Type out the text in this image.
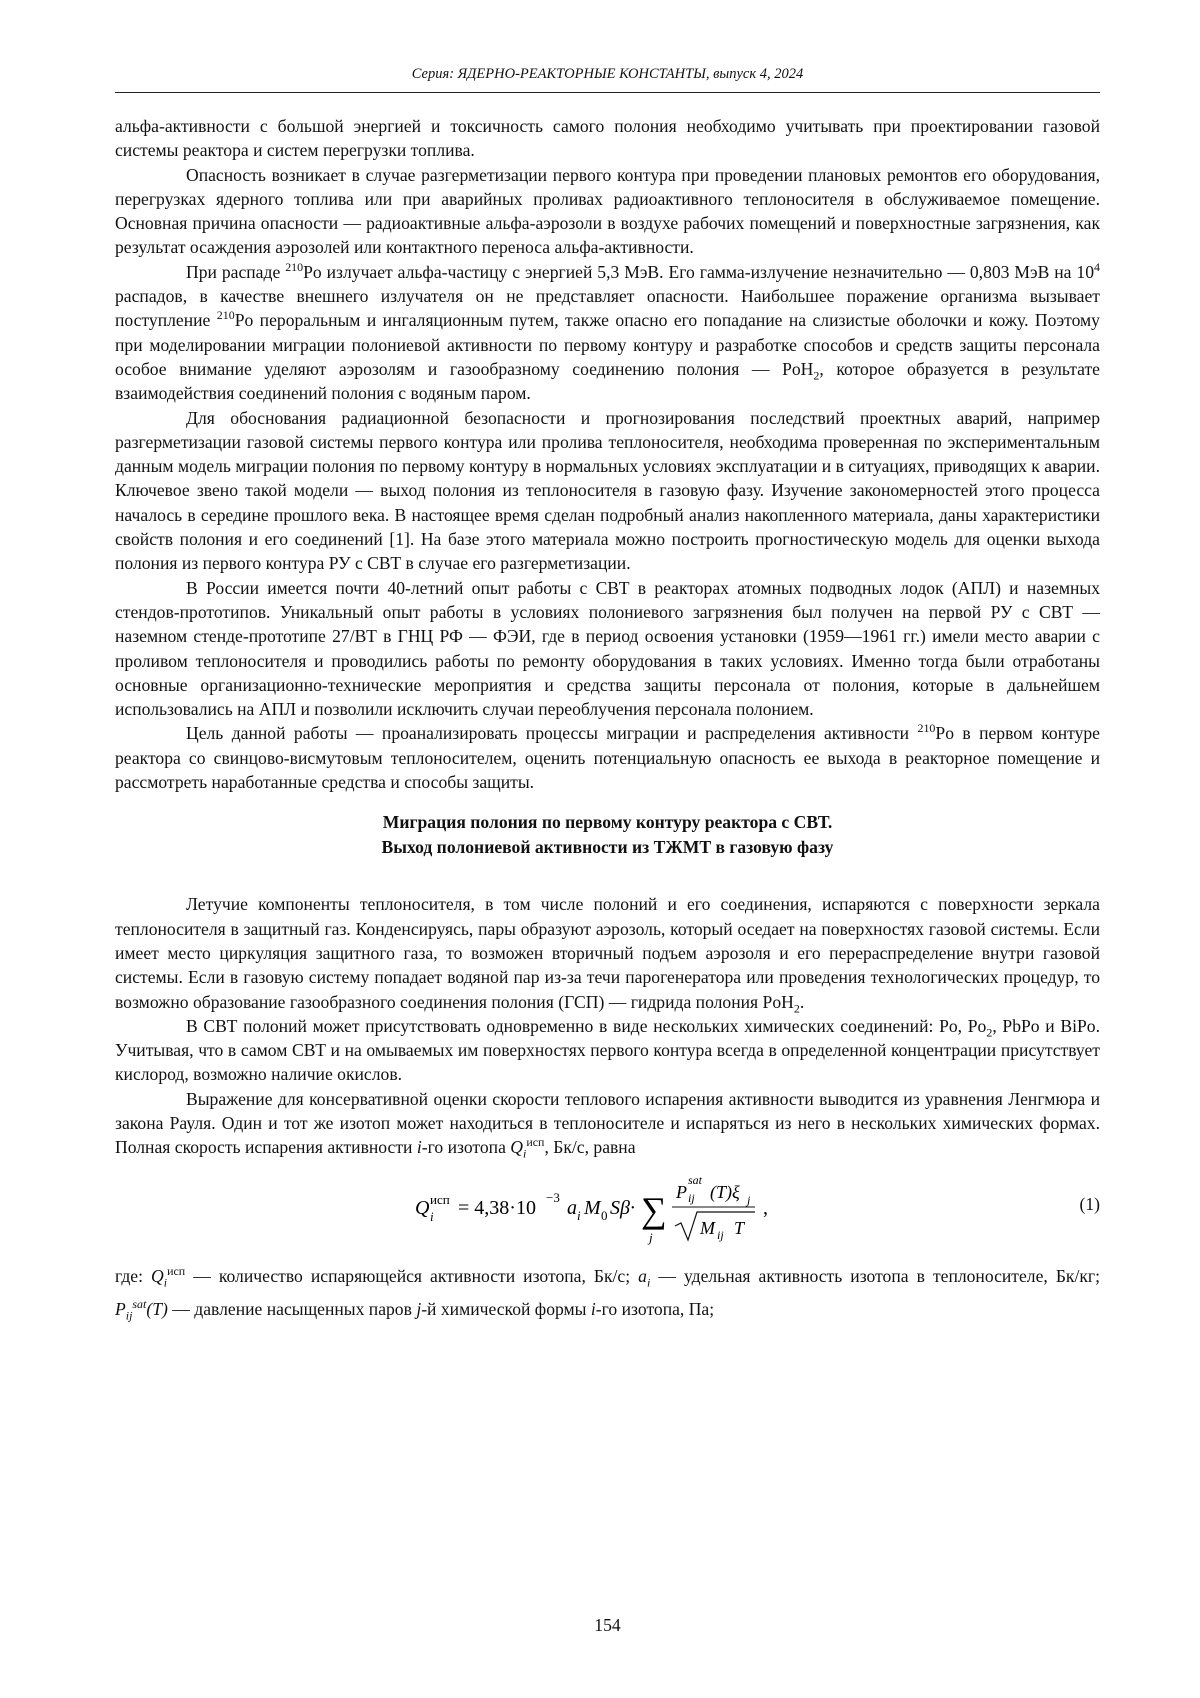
Серия: ЯДЕРНО-РЕАКТОРНЫЕ КОНСТАНТЫ, выпуск 4, 2024

альфа-активности с большой энергией и токсичность самого полония необходимо учитывать при проектировании газовой системы реактора и систем перегрузки топлива.

Опасность возникает в случае разгерметизации первого контура при проведении плановых ремонтов его оборудования, перегрузках ядерного топлива или при аварийных проливах радиоактивного теплоносителя в обслуживаемое помещение. Основная причина опасности — радиоактивные альфа-аэрозоли в воздухе рабочих помещений и поверхностные загрязнения, как результат осаждения аэрозолей или контактного переноса альфа-активности.

При распаде $^{210}$Po излучает альфа-частицу с энергией 5,3 МэВ. Его гамма-излучение незначительно — 0,803 МэВ на $10^4$ распадов, в качестве внешнего излучателя он не представляет опасности. Наибольшее поражение организма вызывает поступление $^{210}$Po пероральным и ингаляционным путем, также опасно его попадание на слизистые оболочки и кожу. Поэтому при моделировании миграции полониевой активности по первому контуру и разработке способов и средств защиты персонала особое внимание уделяют аэрозолям и газообразному соединению полония — PoH$_2$, которое образуется в результате взаимодействия соединений полония с водяным паром.

Для обоснования радиационной безопасности и прогнозирования последствий проектных аварий, например разгерметизации газовой системы первого контура или пролива теплоносителя, необходима проверенная по экспериментальным данным модель миграции полония по первому контуру в нормальных условиях эксплуатации и в ситуациях, приводящих к аварии. Ключевое звено такой модели — выход полония из теплоносителя в газовую фазу. Изучение закономерностей этого процесса началось в середине прошлого века. В настоящее время сделан подробный анализ накопленного материала, даны характеристики свойств полония и его соединений [1]. На базе этого материала можно построить прогностическую модель для оценки выхода полония из первого контура РУ с СВТ в случае его разгерметизации.

В России имеется почти 40-летний опыт работы с СВТ в реакторах атомных подводных лодок (АПЛ) и наземных стендов-прототипов. Уникальный опыт работы в условиях полониевого загрязнения был получен на первой РУ с СВТ — наземном стенде-прототипе 27/ВТ в ГНЦ РФ — ФЭИ, где в период освоения установки (1959—1961 гг.) имели место аварии с проливом теплоносителя и проводились работы по ремонту оборудования в таких условиях. Именно тогда были отработаны основные организационно-технические мероприятия и средства защиты персонала от полония, которые в дальнейшем использовались на АПЛ и позволили исключить случаи переоблучения персонала полонием.

Цель данной работы — проанализировать процессы миграции и распределения активности $^{210}$Po в первом контуре реактора со свинцово-висмутовым теплоносителем, оценить потенциальную опасность ее выхода в реакторное помещение и рассмотреть наработанные средства и способы защиты.

Миграция полония по первому контуру реактора с СВТ.
Выход полониевой активности из ТЖМТ в газовую фазу

Летучие компоненты теплоносителя, в том числе полоний и его соединения, испаряются с поверхности зеркала теплоносителя в защитный газ. Конденсируясь, пары образуют аэрозоль, который оседает на поверхностях газовой системы. Если имеет место циркуляция защитного газа, то возможен вторичный подъем аэрозоля и его перераспределение внутри газовой системы. Если в газовую систему попадает водяной пар из-за течи парогенератора или проведения технологических процедур, то возможно образование газообразного соединения полония (ГСП) — гидрида полония PoH$_2$.

В СВТ полоний может присутствовать одновременно в виде нескольких химических соединений: Po, $Po_2$, PbPo и BiPo. Учитывая, что в самом СВТ и на омываемых им поверхностях первого контура всегда в определенной концентрации присутствует кислород, возможно наличие окислов.

Выражение для консервативной оценки скорости теплового испарения активности выводится из уравнения Ленгмюра и закона Рауля. Один и тот же изотоп может находиться в теплоносителе и испаряться из него в нескольких химических формах. Полная скорость испарения активности i-го изотопа $Q_i^{исп}$, Бк/с, равна

Q исп
i = 4,38·10 −3 a i M 0 Sβ· ∑
j
P
sat
ij (T)ξ j
M ij T
,	(1)

где: $Q_i^{исп}$ — количество испаряющейся активности изотопа, Бк/с; $a_i$ — удельная активность изотопа в теплоносителе, Бк/кг; $P_{ij}^{sat}(T)$ — давление насыщенных паров j-й химической формы i-го изотопа, Па;

154
